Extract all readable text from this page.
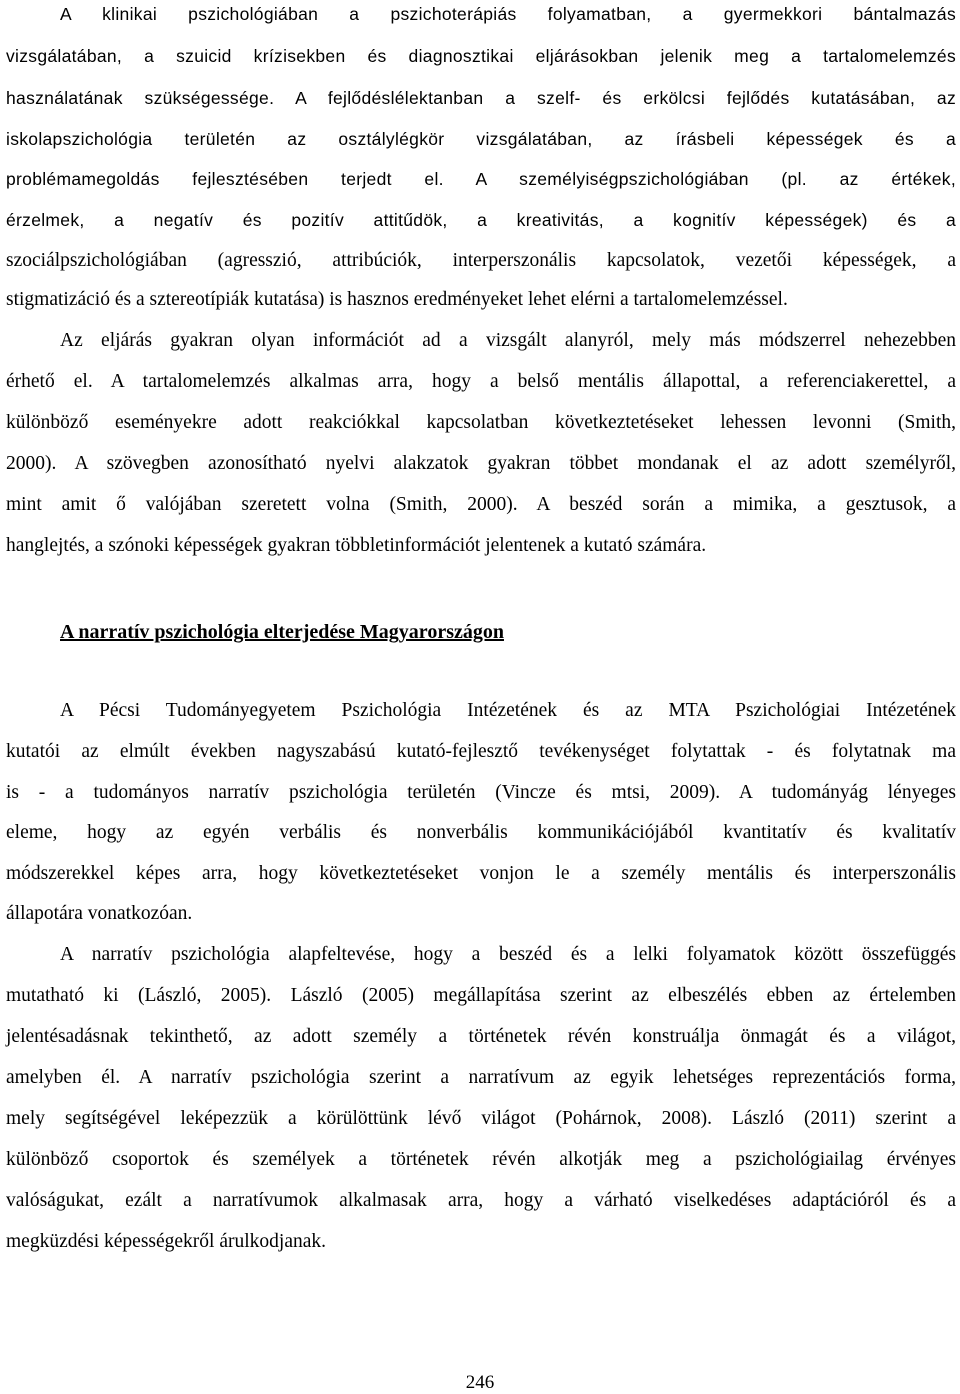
A klinikai pszichológiában a pszichoterápiás folyamatban, a gyermekkori bántalmazás
vizsgálatában, a szuicid krízisekben és diagnosztikai eljárásokban jelenik meg a tartalomelemzés
használatának szükségessége. A fejlődéslélektanban a szelf- és erkölcsi fejlődés kutatásában, az
iskolapszichológia területén az osztálylégkör vizsgálatában, az írásbeli képességek és a
problémamegoldás fejlesztésében terjedt el. A személyiségpszichológiában (pl. az értékek,
érzelmek, a negatív és pozitív attitűdök, a kreativitás, a kognitív képességek) és a
szociálpszichológiában (agresszió, attribúciók, interperszonális kapcsolatok, vezetői képességek, a
stigmatizáció és a sztereotípiák kutatása) is hasznos eredményeket lehet elérni a tartalomelemzéssel.
Az eljárás gyakran olyan információt ad a vizsgált alanyról, mely más módszerrel nehezebben
érhető el. A tartalomelemzés alkalmas arra, hogy a belső mentális állapottal, a referenciakerettel, a
különböző eseményekre adott reakciókkal kapcsolatban következtetéseket lehessen levonni (Smith,
2000). A szövegben azonosítható nyelvi alakzatok gyakran többet mondanak el az adott személyről,
mint amit ő valójában szeretett volna (Smith, 2000). A beszéd során a mimika, a gesztusok, a
hanglejtés, a szónoki képességek gyakran többletinformációt jelentenek a kutató számára.
A narratív pszichológia elterjedése Magyarországon
A Pécsi Tudományegyetem Pszichológia Intézetének és az MTA Pszichológiai Intézetének
kutatói az elmúlt években nagyszabású kutató-fejlesztő tevékenységet folytattak - és folytatnak ma
is - a tudományos narratív pszichológia területén (Vincze és mtsi, 2009). A tudományág lényeges
eleme, hogy az egyén verbális és nonverbális kommunikációjából kvantitatív és kvalitatív
módszerekkel képes arra, hogy következtetéseket vonjon le a személy mentális és interperszonális
állapotára vonatkozóan.
A narratív pszichológia alapfeltevése, hogy a beszéd és a lelki folyamatok között összefüggés
mutatható ki (László, 2005). László (2005) megállapítása szerint az elbeszélés ebben az értelemben
jelentésadásnak tekinthető, az adott személy a történetek révén konstruálja önmagát és a világot,
amelyben él. A narratív pszichológia szerint a narratívum az egyik lehetséges reprezentációs forma,
mely segítségével leképezzük a körülöttünk lévő világot (Pohárnok, 2008). László (2011) szerint a
különböző csoportok és személyek a történetek révén alkotják meg a pszichológiailag érvényes
valóságukat, ezált a narratívumok alkalmasak arra, hogy a várható viselkedéses adaptációról és a
megküzdési képességekről árulkodjanak.
246
